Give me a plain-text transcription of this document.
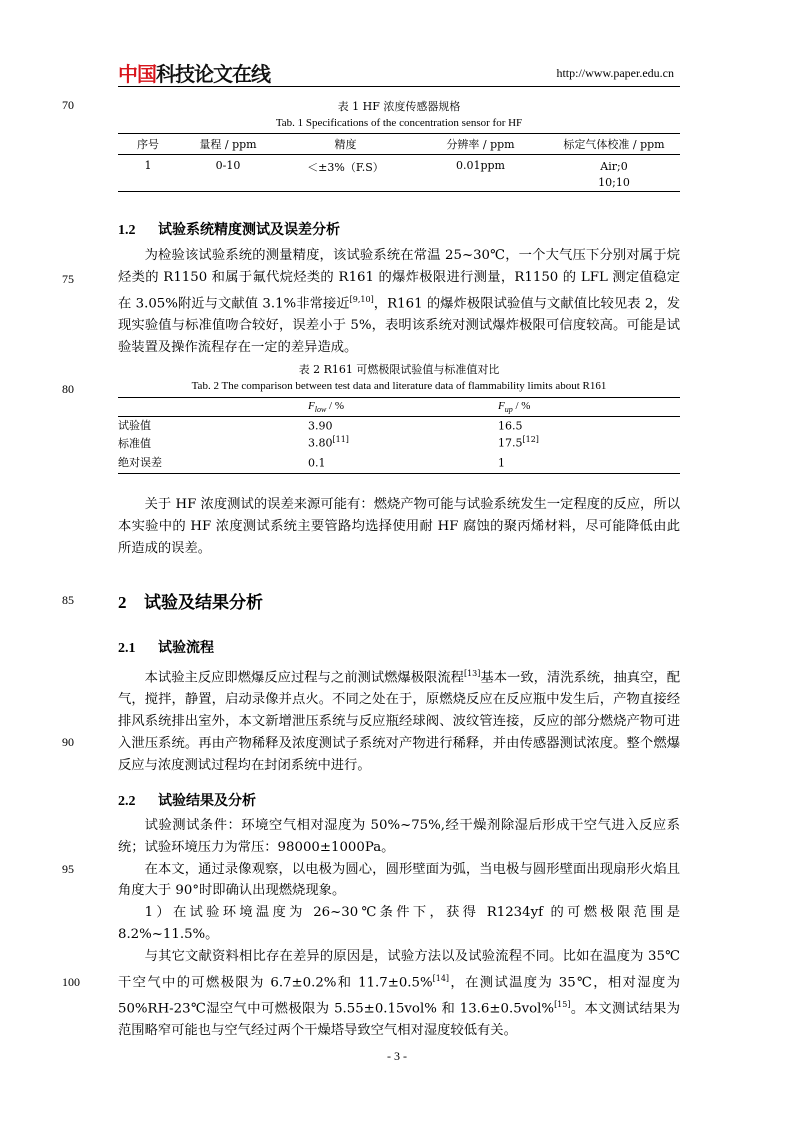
中国科技论文在线	http://www.paper.edu.cn
70
75
80
85
90
95
100
表 1 HF 浓度传感器规格
Tab. 1 Specifications of the concentration sensor for HF
序号	量程 / ppm	精度	分辨率 / ppm	标定气体校准 / ppm
1	0-10	＜±3%（F.S）	0.01ppm	Air;0
10;10
1.2 试验系统精度测试及误差分析

为检验该试验系统的测量精度，该试验系统在常温 25~30℃，一个大气压下分别对属于烷烃类的 R1150 和属于氟代烷烃类的 R161 的爆炸极限进行测量，R1150 的 LFL 测定值稳定在 3.05%附近与文献值 3.1%非常接近[9,10]，R161 的爆炸极限试验值与文献值比较见表 2，发现实验值与标准值吻合较好，误差小于 5%，表明该系统对测试爆炸极限可信度较高。可能是试验装置及操作流程存在一定的差异造成。

表 2 R161 可燃极限试验值与标准值对比
Tab. 2 The comparison between test data and literature data of flammability limits about R161
	$F_{low}$ / %	$F_{up}$ / %
试验值	3.90	16.5
标准值	3.80[11]	17.5[12]
绝对误差	0.1	1

关于 HF 浓度测试的误差来源可能有：燃烧产物可能与试验系统发生一定程度的反应，所以本实验中的 HF 浓度测试系统主要管路均选择使用耐 HF 腐蚀的聚丙烯材料，尽可能降低由此所造成的误差。

2 试验及结果分析
2.1 试验流程

本试验主反应即燃爆反应过程与之前测试燃爆极限流程[13]基本一致，清洗系统，抽真空，配气，搅拌，静置，启动录像并点火。不同之处在于，原燃烧反应在反应瓶中发生后，产物直接经排风系统排出室外，本文新增泄压系统与反应瓶经球阀、波纹管连接，反应的部分燃烧产物可进入泄压系统。再由产物稀释及浓度测试子系统对产物进行稀释，并由传感器测试浓度。整个燃爆反应与浓度测试过程均在封闭系统中进行。

2.2 试验结果及分析

试验测试条件：环境空气相对湿度为 50%~75%,经干燥剂除湿后形成干空气进入反应系统；试验环境压力为常压：98000±1000Pa。

在本文，通过录像观察，以电极为圆心，圆形壁面为弧，当电极与圆形壁面出现扇形火焰且角度大于 90°时即确认出现燃烧现象。

1）在试验环境温度为 26~30℃条件下，获得 R1234yf 的可燃极限范围是 8.2%~11.5%。

与其它文献资料相比存在差异的原因是，试验方法以及试验流程不同。比如在温度为 35℃ 干空气中的可燃极限为 6.7±0.2%和 11.7±0.5%[14]，在测试温度为 35℃，相对湿度为 50%RH-23℃湿空气中可燃极限为 5.55±0.15vol% 和 13.6±0.5vol%[15]。本文测试结果为范围略窄可能也与空气经过两个干燥塔导致空气相对湿度较低有关。

- 3 -
